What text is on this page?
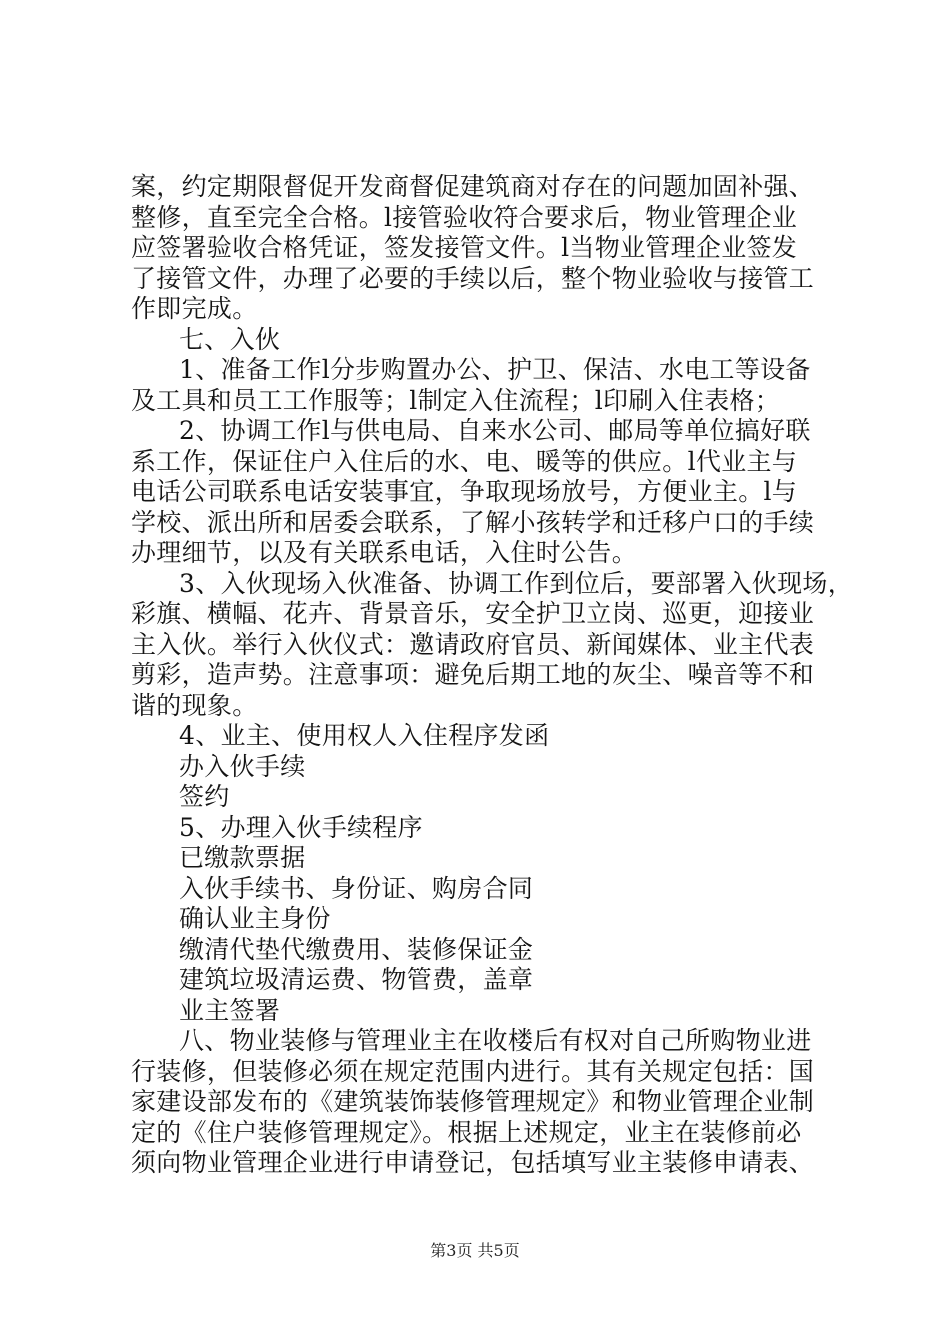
案，约定期限督促开发商督促建筑商对存在的问题加固补强、
整修，直至完全合格。l接管验收符合要求后，物业管理企业
应签署验收合格凭证，签发接管文件。l当物业管理企业签发
了接管文件，办理了必要的手续以后，整个物业验收与接管工
作即完成。
七、入伙
1、准备工作l分步购置办公、护卫、保洁、水电工等设备
及工具和员工工作服等；l制定入住流程；l印刷入住表格；
2、协调工作l与供电局、自来水公司、邮局等单位搞好联
系工作，保证住户入住后的水、电、暖等的供应。l代业主与
电话公司联系电话安装事宜，争取现场放号，方便业主。l与
学校、派出所和居委会联系，了解小孩转学和迁移户口的手续
办理细节，以及有关联系电话，入住时公告。
3、入伙现场入伙准备、协调工作到位后，要部署入伙现场，
彩旗、横幅、花卉、背景音乐，安全护卫立岗、巡更，迎接业
主入伙。举行入伙仪式：邀请政府官员、新闻媒体、业主代表
剪彩，造声势。注意事项：避免后期工地的灰尘、噪音等不和
谐的现象。
4、业主、使用权人入住程序发函
办入伙手续
签约
5、办理入伙手续程序
已缴款票据
入伙手续书、身份证、购房合同
确认业主身份
缴清代垫代缴费用、装修保证金
建筑垃圾清运费、物管费，盖章
业主签署
八、物业装修与管理业主在收楼后有权对自己所购物业进
行装修，但装修必须在规定范围内进行。其有关规定包括：国
家建设部发布的《建筑装饰装修管理规定》和物业管理企业制
定的《住户装修管理规定》。根据上述规定，业主在装修前必
须向物业管理企业进行申请登记，包括填写业主装修申请表、
第3页 共5页
